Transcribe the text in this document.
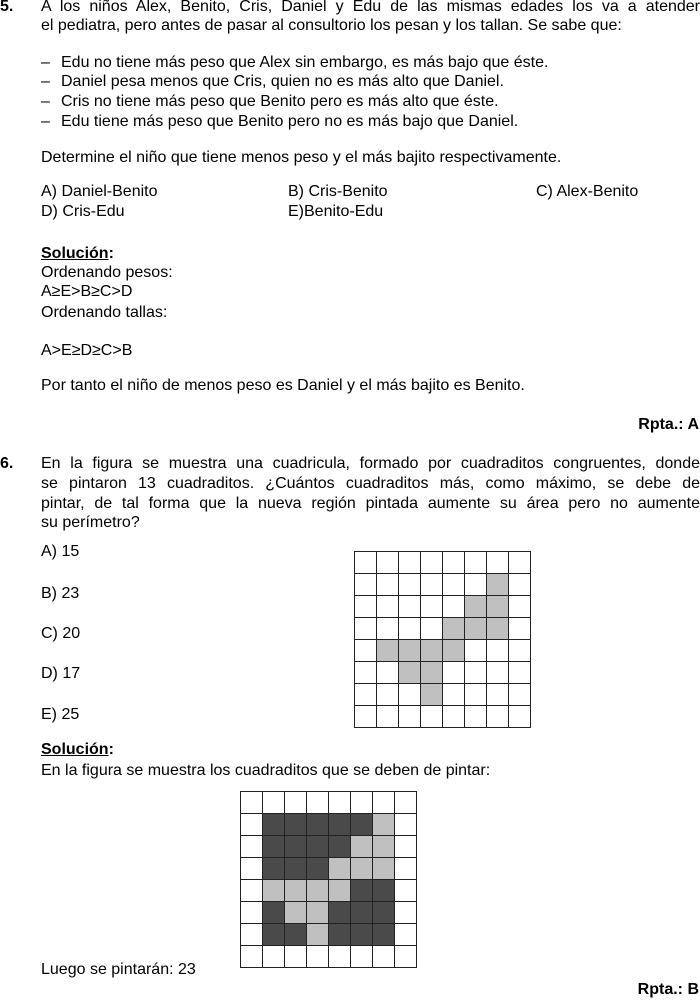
5. A los niños Alex, Benito, Cris, Daniel y Edu de las mismas edades los va a atender
el pediatra, pero antes de pasar al consultorio los pesan y los tallan. Se sabe que:
– Edu no tiene más peso que Alex sin embargo, es más bajo que éste.
– Daniel pesa menos que Cris, quien no es más alto que Daniel.
– Cris no tiene más peso que Benito pero es más alto que éste.
– Edu tiene más peso que Benito pero no es más bajo que Daniel.
Determine el niño que tiene menos peso y el más bajito respectivamente.
A) Daniel-Benito	B) Cris-Benito	C) Alex-Benito
D) Cris-Edu	E)Benito-Edu
Solución:
Ordenando pesos:
A≥E>B≥C>D
Ordenando tallas:
A>E≥D≥C>B
Por tanto el niño de menos peso es Daniel y el más bajito es Benito.
Rpta.: A
6. En la figura se muestra una cuadricula, formado por cuadraditos congruentes, donde
se pintaron 13 cuadraditos. ¿Cuántos cuadraditos más, como máximo, se debe de
pintar, de tal forma que la nueva región pintada aumente su área pero no aumente
su perímetro?
A) 15
B) 23
C) 20
D) 17
E) 25
Solución:
En la figura se muestra los cuadraditos que se deben de pintar:
Luego se pintarán: 23
Rpta.: B
